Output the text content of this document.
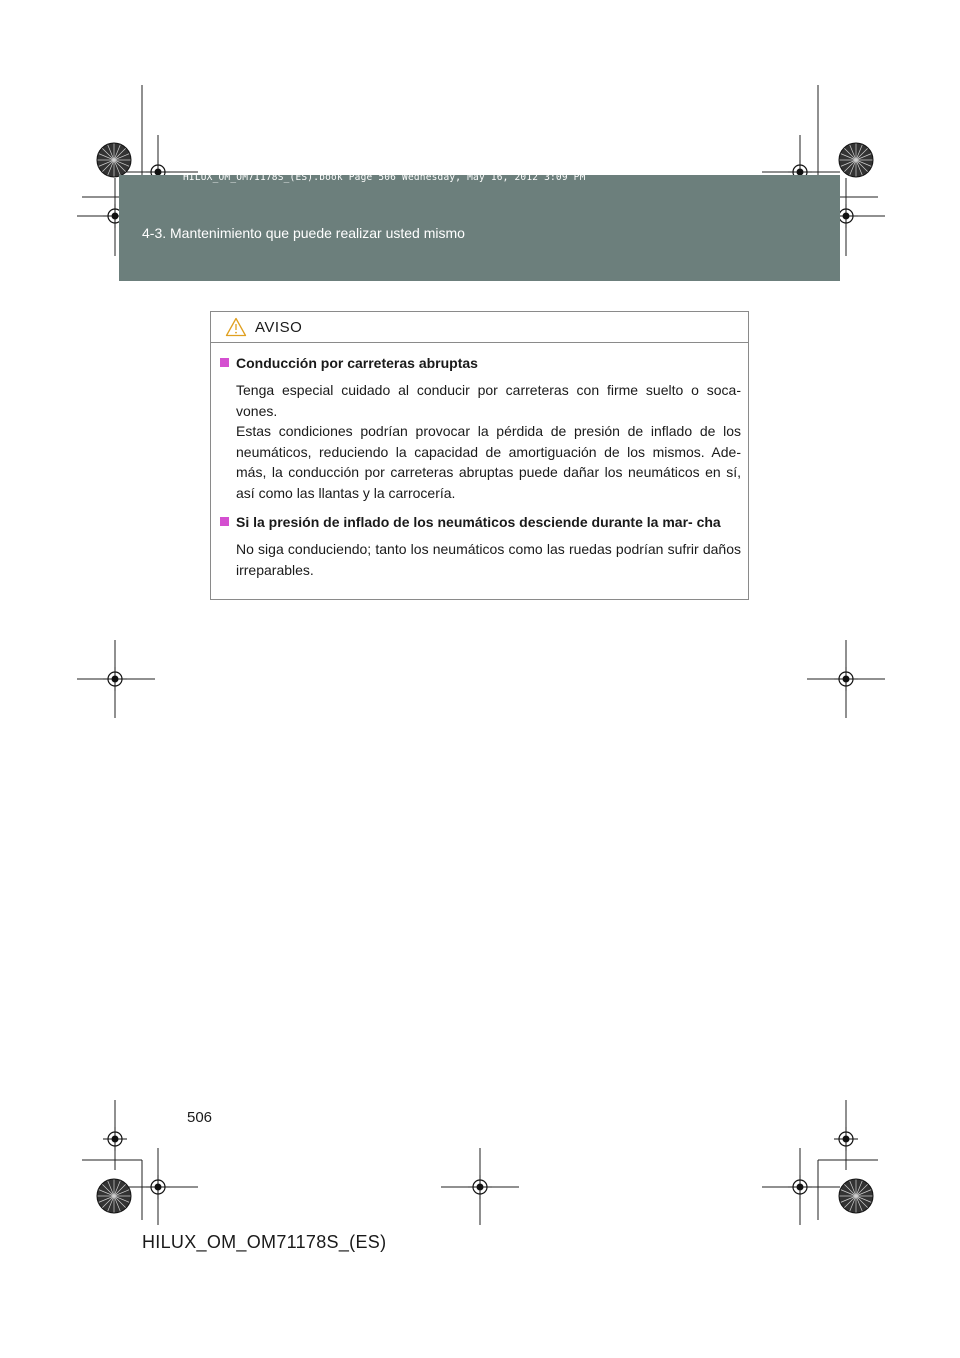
HILUX_OM_OM71178S_(ES).book Page 506 Wednesday, May 16, 2012 3:09 PM
4-3. Mantenimiento que puede realizar usted mismo
AVISO
Conducción por carreteras abruptas
Tenga especial cuidado al conducir por carreteras con firme suelto o soca- vones.
Estas condiciones podrían provocar la pérdida de presión de inflado de los neumáticos, reduciendo la capacidad de amortiguación de los mismos. Ade- más, la conducción por carreteras abruptas puede dañar los neumáticos en sí, así como las llantas y la carrocería.
Si la presión de inflado de los neumáticos desciende durante la mar- cha
No siga conduciendo; tanto los neumáticos como las ruedas podrían sufrir daños irreparables.
506
HILUX_OM_OM71178S_(ES)
